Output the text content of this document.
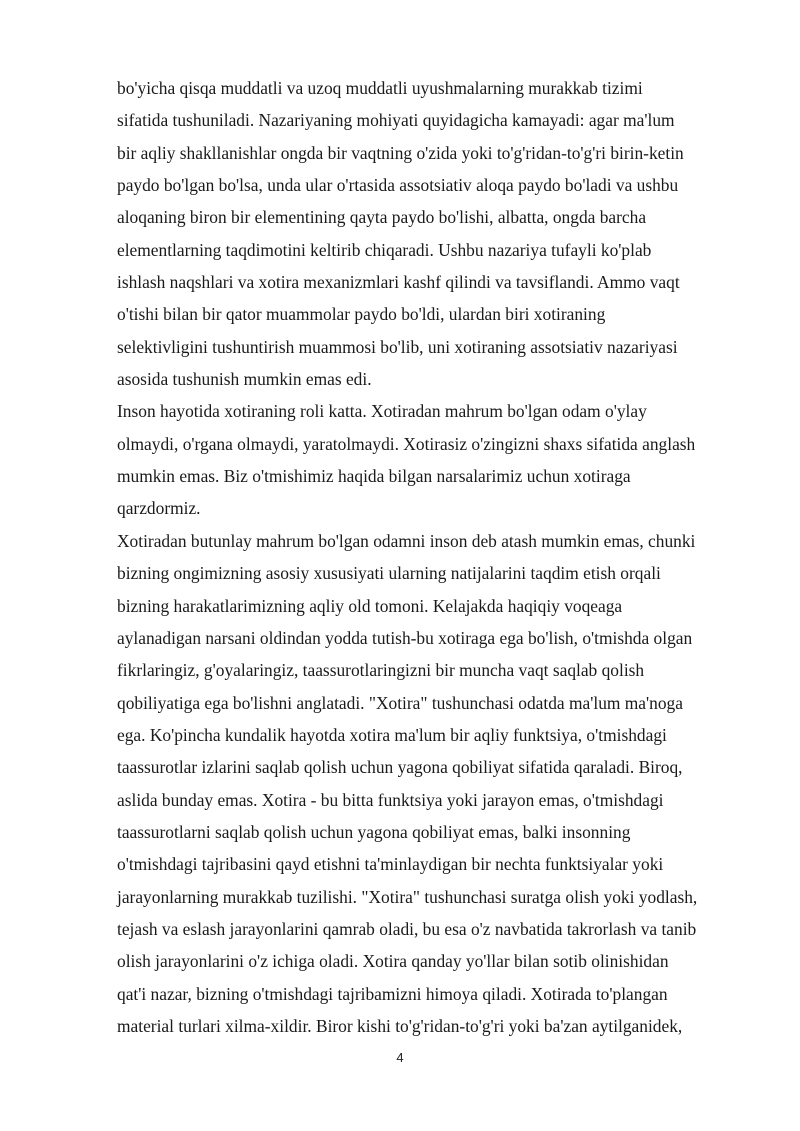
bo'yicha qisqa muddatli va uzoq muddatli uyushmalarning murakkab tizimi
sifatida tushuniladi. Nazariyaning mohiyati quyidagicha kamayadi: agar ma'lum
bir aqliy shakllanishlar ongda bir vaqtning o'zida yoki to'g'ridan-to'g'ri birin-ketin
paydo bo'lgan bo'lsa, unda ular o'rtasida assotsiativ aloqa paydo bo'ladi va ushbu
aloqaning biron bir elementining qayta paydo bo'lishi, albatta, ongda barcha
elementlarning taqdimotini keltirib chiqaradi. Ushbu nazariya tufayli ko'plab
ishlash naqshlari va xotira mexanizmlari kashf qilindi va tavsiflandi. Ammo vaqt
o'tishi bilan bir qator muammolar paydo bo'ldi, ulardan biri xotiraning
selektivligini tushuntirish muammosi bo'lib, uni xotiraning assotsiativ nazariyasi
asosida tushunish mumkin emas edi.
Inson hayotida xotiraning roli katta. Xotiradan mahrum bo'lgan odam o'ylay
olmaydi, o'rgana olmaydi, yaratolmaydi. Xotirasiz o'zingizni shaxs sifatida anglash
mumkin emas. Biz o'tmishimiz haqida bilgan narsalarimiz uchun xotiraga
qarzdormiz.
Xotiradan butunlay mahrum bo'lgan odamni inson deb atash mumkin emas, chunki
bizning ongimizning asosiy xususiyati ularning natijalarini taqdim etish orqali
bizning harakatlarimizning aqliy old tomoni. Kelajakda haqiqiy voqeaga
aylanadigan narsani oldindan yodda tutish-bu xotiraga ega bo'lish, o'tmishda olgan
fikrlaringiz, g'oyalaringiz, taassurotlaringizni bir muncha vaqt saqlab qolish
qobiliyatiga ega bo'lishni anglatadi. "Xotira" tushunchasi odatda ma'lum ma'noga
ega. Ko'pincha kundalik hayotda xotira ma'lum bir aqliy funktsiya, o'tmishdagi
taassurotlar izlarini saqlab qolish uchun yagona qobiliyat sifatida qaraladi. Biroq,
aslida bunday emas. Xotira - bu bitta funktsiya yoki jarayon emas, o'tmishdagi
taassurotlarni saqlab qolish uchun yagona qobiliyat emas, balki insonning
o'tmishdagi tajribasini qayd etishni ta'minlaydigan bir nechta funktsiyalar yoki
jarayonlarning murakkab tuzilishi. "Xotira" tushunchasi suratga olish yoki yodlash,
tejash va eslash jarayonlarini qamrab oladi, bu esa o'z navbatida takrorlash va tanib
olish jarayonlarini o'z ichiga oladi. Xotira qanday yo'llar bilan sotib olinishidan
qat'i nazar, bizning o'tmishdagi tajribamizni himoya qiladi. Xotirada to'plangan
material turlari xilma-xildir. Biror kishi to'g'ridan-to'g'ri yoki ba'zan aytilganidek,
4
